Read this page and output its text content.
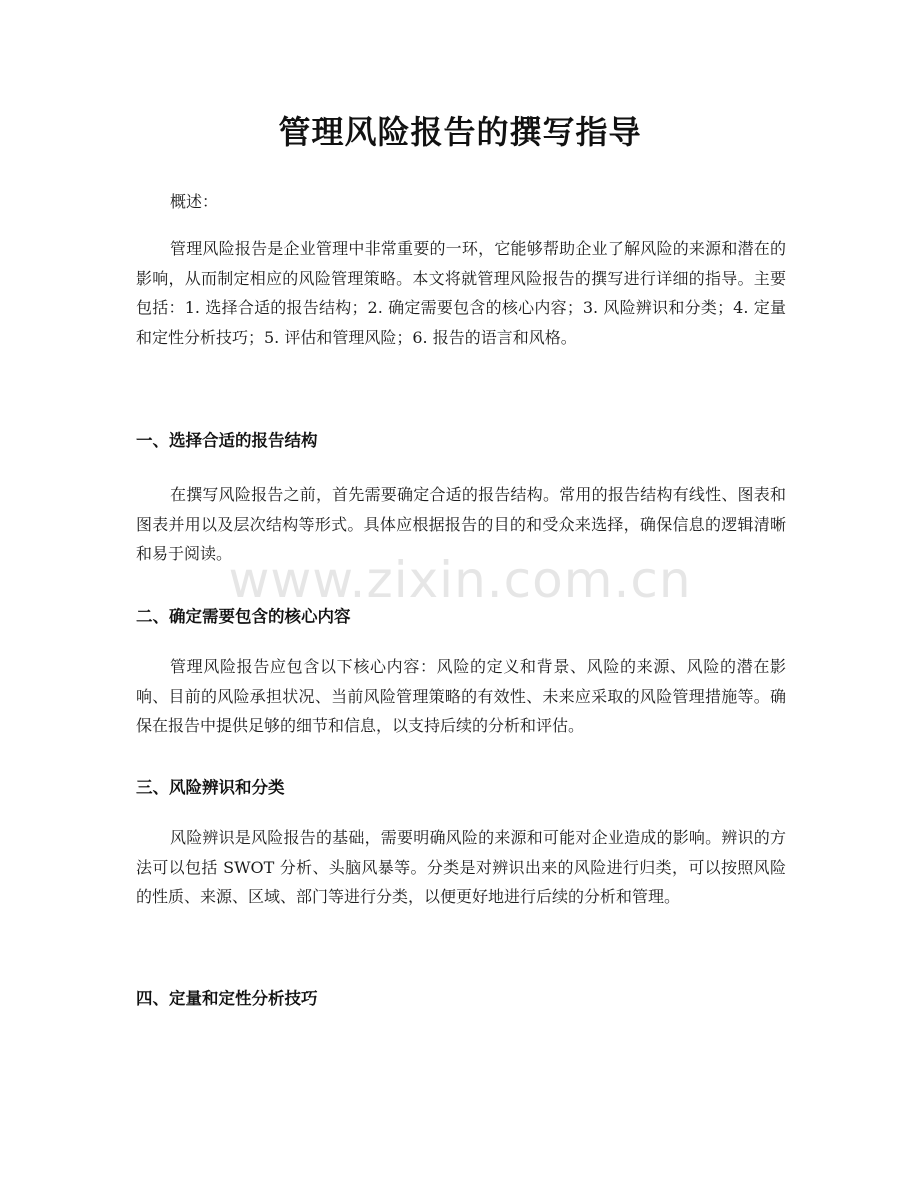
管理风险报告的撰写指导
概述：

管理风险报告是企业管理中非常重要的一环，它能够帮助企业了解风险的来源和潜在的影响，从而制定相应的风险管理策略。本文将就管理风险报告的撰写进行详细的指导。主要包括：1. 选择合适的报告结构；2. 确定需要包含的核心内容；3. 风险辨识和分类；4. 定量和定性分析技巧；5. 评估和管理风险；6. 报告的语言和风格。

一、选择合适的报告结构

在撰写风险报告之前，首先需要确定合适的报告结构。常用的报告结构有线性、图表和图表并用以及层次结构等形式。具体应根据报告的目的和受众来选择，确保信息的逻辑清晰和易于阅读。

二、确定需要包含的核心内容

管理风险报告应包含以下核心内容：风险的定义和背景、风险的来源、风险的潜在影响、目前的风险承担状况、当前风险管理策略的有效性、未来应采取的风险管理措施等。确保在报告中提供足够的细节和信息，以支持后续的分析和评估。

三、风险辨识和分类

风险辨识是风险报告的基础，需要明确风险的来源和可能对企业造成的影响。辨识的方法可以包括 SWOT 分析、头脑风暴等。分类是对辨识出来的风险进行归类，可以按照风险的性质、来源、区域、部门等进行分类，以便更好地进行后续的分析和管理。

四、定量和定性分析技巧
www.zixin.com.cn
